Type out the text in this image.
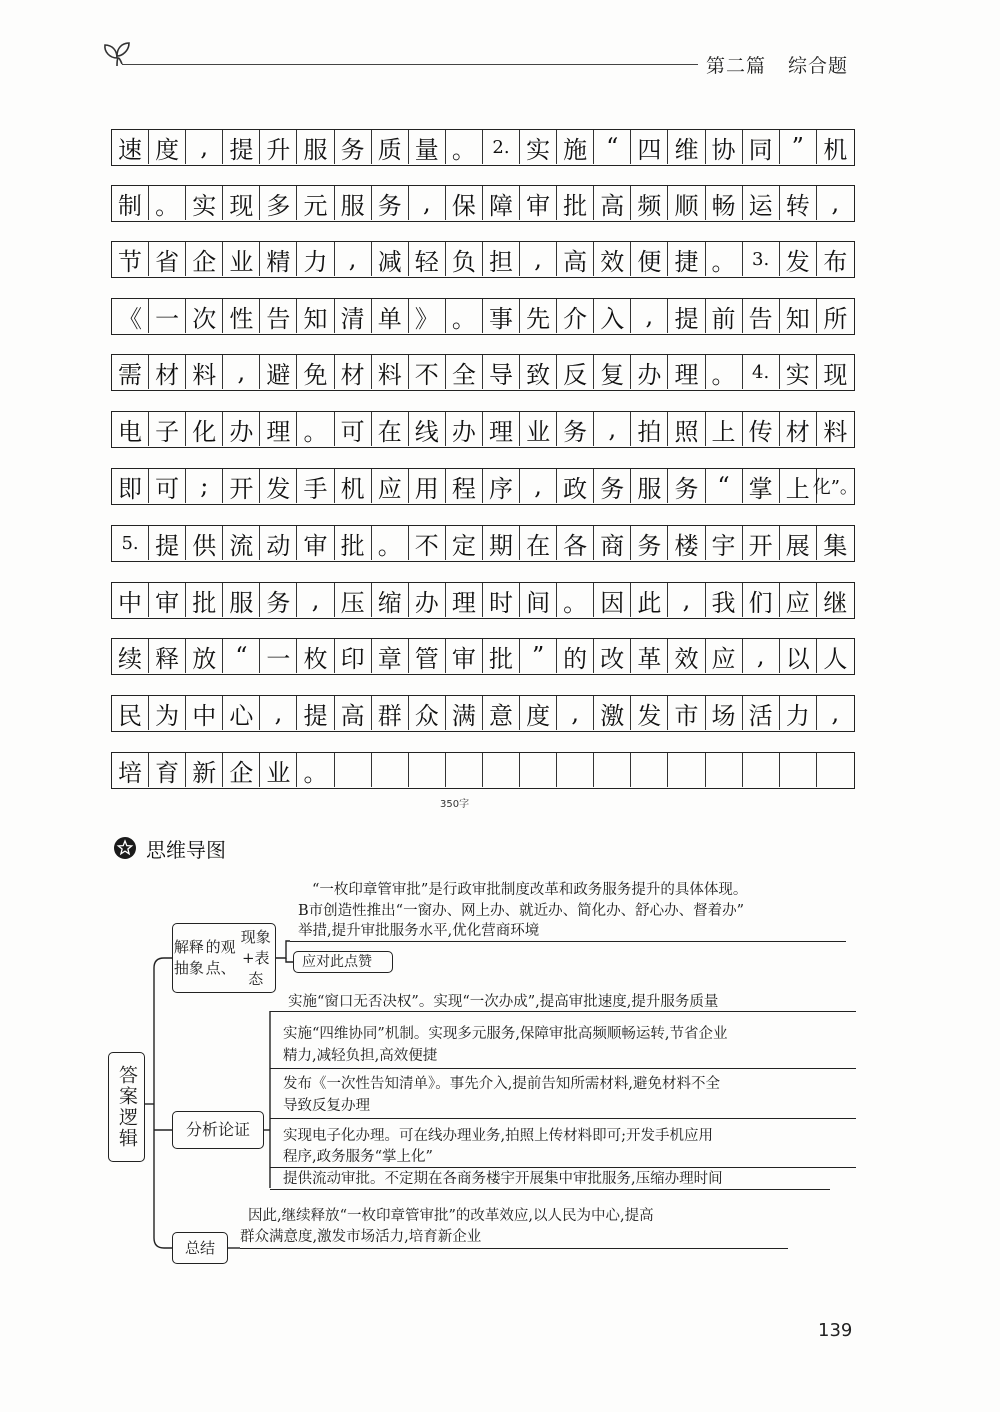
第二篇 综合题
速 度 , 提 升 服 务 质 量 。 2. 实 施 “ 四 维 协 同 ” 机
制 。 实 现 多 元 服 务 , 保 障 审 批 高 频 顺 畅 运 转 ,
节 省 企 业 精 力 , 减 轻 负 担 , 高 效 便 捷 。 3. 发 布
《 一 次 性 告 知 清 单 》 。 事 先 介 入 , 提 前 告 知 所
需 材 料 , 避 免 材 料 不 全 导 致 反 复 办 理 。 4. 实 现
电 子 化 办 理 。 可 在 线 办 理 业 务 , 拍 照 上 传 材 料
即 可 ; 开 发 手 机 应 用 程 序 , 政 务 服 务 “ 掌 上 化”。
5. 提 供 流 动 审 批 。 不 定 期 在 各 商 务 楼 宇 开 展 集
中 审 批 服 务 , 压 缩 办 理 时 间 。 因 此 , 我 们 应 继
续 释 放 “ 一 枚 印 章 管 审 批 ” 的 改 革 效 应 , 以 人
民 为 中 心 , 提 高 群 众 满 意 度 , 激 发 市 场 活 力 ,
培 育 新 企 业 。
350字
思维导图
答案逻辑
解释抽象
的观点、
现象+表态
“一枚印章管审批”是行政审批制度改革和政务服务提升的具体体现。
B市创造性推出“一窗办、网上办、就近办、简化办、舒心办、督着办”
举措,提升审批服务水平,优化营商环境
应对此点赞
分析论证
实施“窗口无否决权”。实现“一次办成”,提高审批速度,提升服务质量
实施“四维协同”机制。实现多元服务,保障审批高频顺畅运转,节省企业
精力,减轻负担,高效便捷
发布《一次性告知清单》。事先介入,提前告知所需材料,避免材料不全
导致反复办理
实现电子化办理。可在线办理业务,拍照上传材料即可;开发手机应用
程序,政务服务“掌上化”
提供流动审批。不定期在各商务楼宇开展集中审批服务,压缩办理时间
总结
因此,继续释放“一枚印章管审批”的改革效应,以人民为中心,提高
群众满意度,激发市场活力,培育新企业
139
